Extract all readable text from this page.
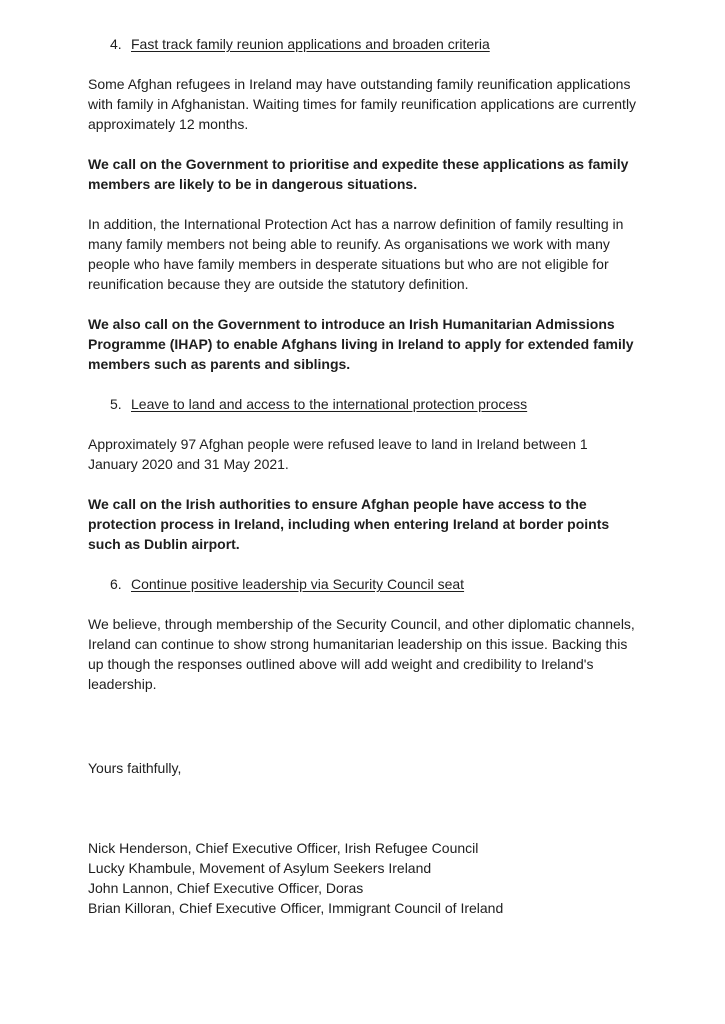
4. Fast track family reunion applications and broaden criteria

Some Afghan refugees in Ireland may have outstanding family reunification applications with family in Afghanistan. Waiting times for family reunification applications are currently approximately 12 months.

We call on the Government to prioritise and expedite these applications as family members are likely to be in dangerous situations.

In addition, the International Protection Act has a narrow definition of family resulting in many family members not being able to reunify. As organisations we work with many people who have family members in desperate situations but who are not eligible for reunification because they are outside the statutory definition.

We also call on the Government to introduce an Irish Humanitarian Admissions Programme (IHAP) to enable Afghans living in Ireland to apply for extended family members such as parents and siblings.

5. Leave to land and access to the international protection process

Approximately 97 Afghan people were refused leave to land in Ireland between 1 January 2020 and 31 May 2021.

We call on the Irish authorities to ensure Afghan people have access to the protection process in Ireland, including when entering Ireland at border points such as Dublin airport.

6. Continue positive leadership via Security Council seat

We believe, through membership of the Security Council, and other diplomatic channels, Ireland can continue to show strong humanitarian leadership on this issue. Backing this up though the responses outlined above will add weight and credibility to Ireland's leadership.

Yours faithfully,

Nick Henderson, Chief Executive Officer, Irish Refugee Council

Lucky Khambule, Movement of Asylum Seekers Ireland

John Lannon, Chief Executive Officer, Doras

Brian Killoran, Chief Executive Officer, Immigrant Council of Ireland
